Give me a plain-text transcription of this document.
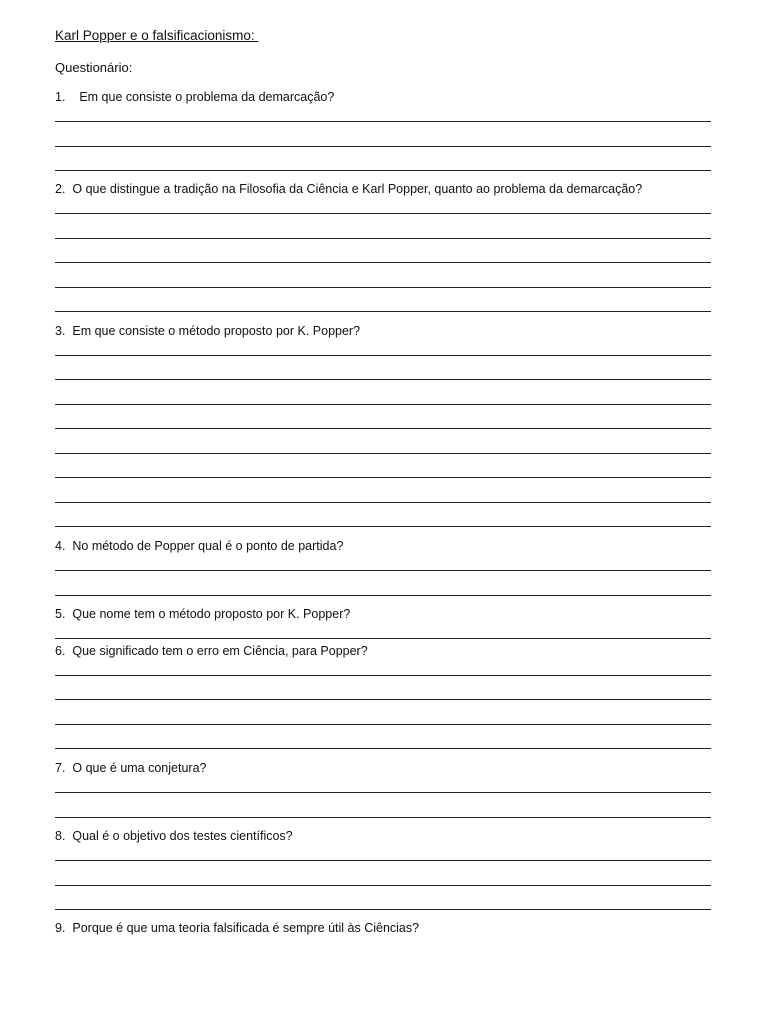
Karl Popper e o falsificacionismo:
Questionário:
1.    Em que consiste o problema da demarcação?
2.  O que distingue a tradição na Filosofia da Ciência e Karl Popper, quanto ao problema da demarcação?
3.  Em que consiste o método proposto por K. Popper?
4.  No método de Popper qual é o ponto de partida?
5.  Que nome tem o método proposto por K. Popper?
6.  Que significado tem o erro em Ciência, para Popper?
7.  O que é uma conjetura?
8.  Qual é o objetivo dos testes científicos?
9.  Porque é que uma teoria falsificada é sempre útil às Ciências?
